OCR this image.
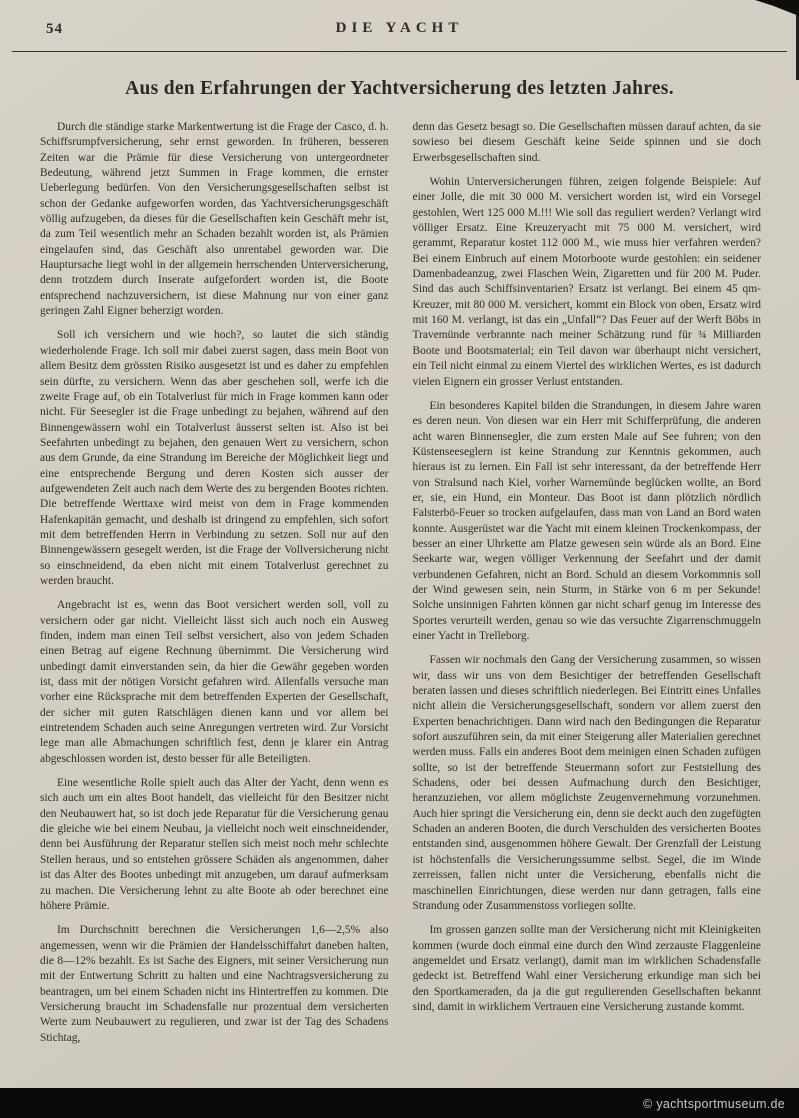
54	DIE YACHT
Aus den Erfahrungen der Yachtversicherung des letzten Jahres.

Durch die ständige starke Markentwertung ist die Frage der Casco, d. h. Schiffsrumpfversicherung, sehr ernst geworden. In früheren, besseren Zeiten war die Prämie für diese Versicherung von untergeordneter Bedeutung, während jetzt Summen in Frage kommen, die ernster Ueberlegung bedürfen. Von den Versicherungsgesellschaften selbst ist schon der Gedanke aufgeworfen worden, das Yachtversicherungsgeschäft völlig aufzugeben, da dieses für die Gesellschaften kein Geschäft mehr ist, da zum Teil wesentlich mehr an Schaden bezahlt worden ist, als Prämien eingelaufen sind, das Geschäft also unrentabel geworden war. Die Hauptursache liegt wohl in der allgemein herrschenden Unterversicherung, denn trotzdem durch Inserate aufgefordert worden ist, die Boote entsprechend nachzuversichern, ist diese Mahnung nur von einer ganz geringen Zahl Eigner beherzigt worden.

Soll ich versichern und wie hoch?, so lautet die sich ständig wiederholende Frage. Ich soll mir dabei zuerst sagen, dass mein Boot von allem Besitz dem grössten Risiko ausgesetzt ist und es daher zu empfehlen sein dürfte, zu versichern. Wenn das aber geschehen soll, werfe ich die zweite Frage auf, ob ein Totalverlust für mich in Frage kommen kann oder nicht. Für Seesegler ist die Frage unbedingt zu bejahen, während auf den Binnengewässern wohl ein Totalverlust äusserst selten ist. Also ist bei Seefahrten unbedingt zu bejahen, den genauen Wert zu versichern, schon aus dem Grunde, da eine Strandung im Bereiche der Möglichkeit liegt und eine entsprechende Bergung und deren Kosten sich ausser der aufgewendeten Zeit auch nach dem Werte des zu bergenden Bootes richten. Die betreffende Werttaxe wird meist von dem in Frage kommenden Hafenkapitän gemacht, und deshalb ist dringend zu empfehlen, sich sofort mit dem betreffenden Herrn in Verbindung zu setzen. Soll nur auf den Binnengewässern gesegelt werden, ist die Frage der Vollversicherung nicht so einschneidend, da eben nicht mit einem Totalverlust gerechnet zu werden braucht.

Angebracht ist es, wenn das Boot versichert werden soll, voll zu versichern oder gar nicht. Vielleicht lässt sich auch noch ein Ausweg finden, indem man einen Teil selbst versichert, also von jedem Schaden einen Betrag auf eigene Rechnung übernimmt. Die Versicherung wird unbedingt damit einverstanden sein, da hier die Gewähr gegeben worden ist, dass mit der nötigen Vorsicht gefahren wird. Allenfalls versuche man vorher eine Rücksprache mit dem betreffenden Experten der Gesellschaft, der sicher mit guten Ratschlägen dienen kann und vor allem bei eintretendem Schaden auch seine Anregungen vertreten wird. Zur Vorsicht lege man alle Abmachungen schriftlich fest, denn je klarer ein Antrag abgeschlossen worden ist, desto besser für alle Beteiligten.

Eine wesentliche Rolle spielt auch das Alter der Yacht, denn wenn es sich auch um ein altes Boot handelt, das vielleicht für den Besitzer nicht den Neubauwert hat, so ist doch jede Reparatur für die Versicherung genau die gleiche wie bei einem Neubau, ja vielleicht noch weit einschneidender, denn bei Ausführung der Reparatur stellen sich meist noch mehr schlechte Stellen heraus, und so entstehen grössere Schäden als angenommen, daher ist das Alter des Bootes unbedingt mit anzugeben, um darauf aufmerksam zu machen. Die Versicherung lehnt zu alte Boote ab oder berechnet eine höhere Prämie.

Im Durchschnitt berechnen die Versicherungen 1,6—2,5% also angemessen, wenn wir die Prämien der Handelsschiffahrt daneben halten, die 8—12% bezahlt. Es ist Sache des Eigners, mit seiner Versicherung nun mit der Entwertung Schritt zu halten und eine Nachtragsversicherung zu beantragen, um bei einem Schaden nicht ins Hintertreffen zu kommen. Die Versicherung braucht im Schadensfalle nur prozentual dem versicherten Werte zum Neubauwert zu regulieren, und zwar ist der Tag des Schadens Stichtag,

denn das Gesetz besagt so. Die Gesellschaften müssen darauf achten, da sie sowieso bei diesem Geschäft keine Seide spinnen und sie doch Erwerbsgesellschaften sind.

Wohin Unterversicherungen führen, zeigen folgende Beispiele: Auf einer Jolle, die mit 30 000 M. versichert worden ist, wird ein Vorsegel gestohlen, Wert 125 000 M.!!! Wie soll das reguliert werden? Verlangt wird völliger Ersatz. Eine Kreuzeryacht mit 75 000 M. versichert, wird gerammt, Reparatur kostet 112 000 M., wie muss hier verfahren werden? Bei einem Einbruch auf einem Motorboote wurde gestohlen: ein seidener Damenbadeanzug, zwei Flaschen Wein, Zigaretten und für 200 M. Puder. Sind das auch Schiffsinventarien? Ersatz ist verlangt. Bei einem 45 qm-Kreuzer, mit 80 000 M. versichert, kommt ein Block von oben, Ersatz wird mit 160 M. verlangt, ist das ein „Unfall“? Das Feuer auf der Werft Böbs in Travemünde verbrannte nach meiner Schätzung rund für ¾ Milliarden Boote und Bootsmaterial; ein Teil davon war überhaupt nicht versichert, ein Teil nicht einmal zu einem Viertel des wirklichen Wertes, es ist dadurch vielen Eignern ein grosser Verlust entstanden.

Ein besonderes Kapitel bilden die Strandungen, in diesem Jahre waren es deren neun. Von diesen war ein Herr mit Schifferprüfung, die anderen acht waren Binnensegler, die zum ersten Male auf See fuhren; von den Küstenseeseglern ist keine Strandung zur Kenntnis gekommen, auch hieraus ist zu lernen. Ein Fall ist sehr interessant, da der betreffende Herr von Stralsund nach Kiel, vorher Warnemünde beglücken wollte, an Bord er, sie, ein Hund, ein Monteur. Das Boot ist dann plötzlich nördlich Falsterbö-Feuer so trocken aufgelaufen, dass man von Land an Bord waten konnte. Ausgerüstet war die Yacht mit einem kleinen Trockenkompass, der besser an einer Uhrkette am Platze gewesen sein würde als an Bord. Eine Seekarte war, wegen völliger Verkennung der Seefahrt und der damit verbundenen Gefahren, nicht an Bord. Schuld an diesem Vorkommnis soll der Wind gewesen sein, nein Sturm, in Stärke von 6 m per Sekunde! Solche unsinnigen Fahrten können gar nicht scharf genug im Interesse des Sportes verurteilt werden, genau so wie das versuchte Zigarrenschmuggeln einer Yacht in Trelleborg.

Fassen wir nochmals den Gang der Versicherung zusammen, so wissen wir, dass wir uns von dem Besichtiger der betreffenden Gesellschaft beraten lassen und dieses schriftlich niederlegen. Bei Eintritt eines Unfalles nicht allein die Versicherungsgesellschaft, sondern vor allem zuerst den Experten benachrichtigen. Dann wird nach den Bedingungen die Reparatur sofort auszuführen sein, da mit einer Steigerung aller Materialien gerechnet werden muss. Falls ein anderes Boot dem meinigen einen Schaden zufügen sollte, so ist der betreffende Steuermann sofort zur Feststellung des Schadens, oder bei dessen Aufmachung durch den Besichtiger, heranzuziehen, vor allem möglichste Zeugenvernehmung vorzunehmen. Auch hier springt die Versicherung ein, denn sie deckt auch den zugefügten Schaden an anderen Booten, die durch Verschulden des versicherten Bootes entstanden sind, ausgenommen höhere Gewalt. Der Grenzfall der Leistung ist höchstenfalls die Versicherungssumme selbst. Segel, die im Winde zerreissen, fallen nicht unter die Versicherung, ebenfalls nicht die maschinellen Einrichtungen, diese werden nur dann getragen, falls eine Strandung oder Zusammenstoss vorliegen sollte.

Im grossen ganzen sollte man der Versicherung nicht mit Kleinigkeiten kommen (wurde doch einmal eine durch den Wind zerzauste Flaggenleine angemeldet und Ersatz verlangt), damit man im wirklichen Schadensfalle gedeckt ist. Betreffend Wahl einer Versicherung erkundige man sich bei den Sportkameraden, da ja die gut regulierenden Gesellschaften bekannt sind, damit in wirklichem Vertrauen eine Versicherung zustande kommt.

© yachtsportmuseum.de
